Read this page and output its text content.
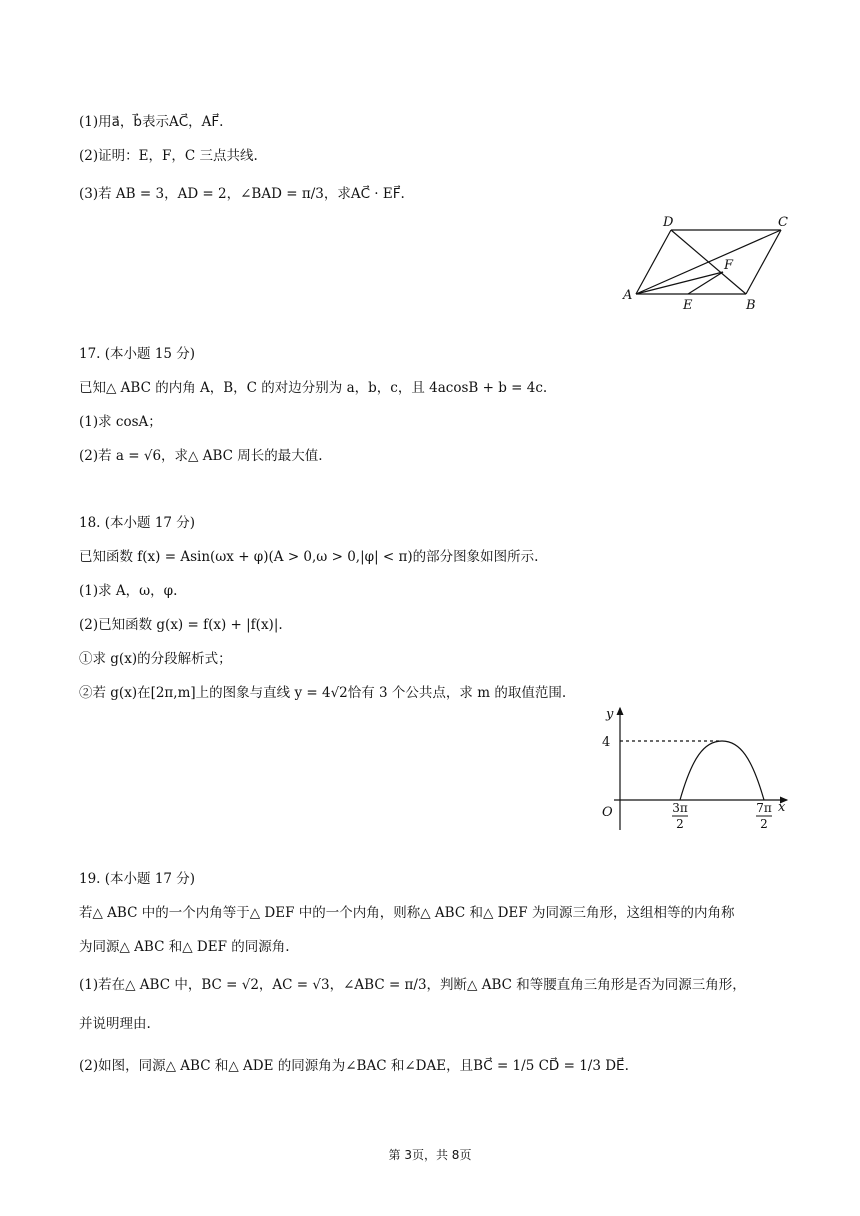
(1)用a⃗，b⃗表示AC⃗，AF⃗.
(2)证明：E，F，C 三点共线.
(3)若 AB = 3，AD = 2，∠BAD = π/3，求AC⃗ · EF⃗.
A
B
C
D
E
F
17. (本小题 15 分)
已知△ ABC 的内角 A，B，C 的对边分别为 a，b，c，且 4acosB + b = 4c.
(1)求 cosA；
(2)若 a = √6，求△ ABC 周长的最大值.
18. (本小题 17 分)
已知函数 f(x) = Asin(ωx + φ)(A > 0,ω > 0,|φ| < π)的部分图象如图所示.
(1)求 A，ω，φ.
(2)已知函数 g(x) = f(x) + |f(x)|.
①求 g(x)的分段解析式；
②若 g(x)在[2π,m]上的图象与直线 y = 4√2恰有 3 个公共点，求 m 的取值范围.
y
x
O
4
3π
2
7π
2
19. (本小题 17 分)
若△ ABC 中的一个内角等于△ DEF 中的一个内角，则称△ ABC 和△ DEF 为同源三角形，这组相等的内角称
为同源△ ABC 和△ DEF 的同源角.
(1)若在△ ABC 中，BC = √2，AC = √3，∠ABC = π/3，判断△ ABC 和等腰直角三角形是否为同源三角形，
并说明理由.
(2)如图，同源△ ABC 和△ ADE 的同源角为∠BAC 和∠DAE，且BC⃗ = 1/5 CD⃗ = 1/3 DE⃗.
第 3页，共 8页
